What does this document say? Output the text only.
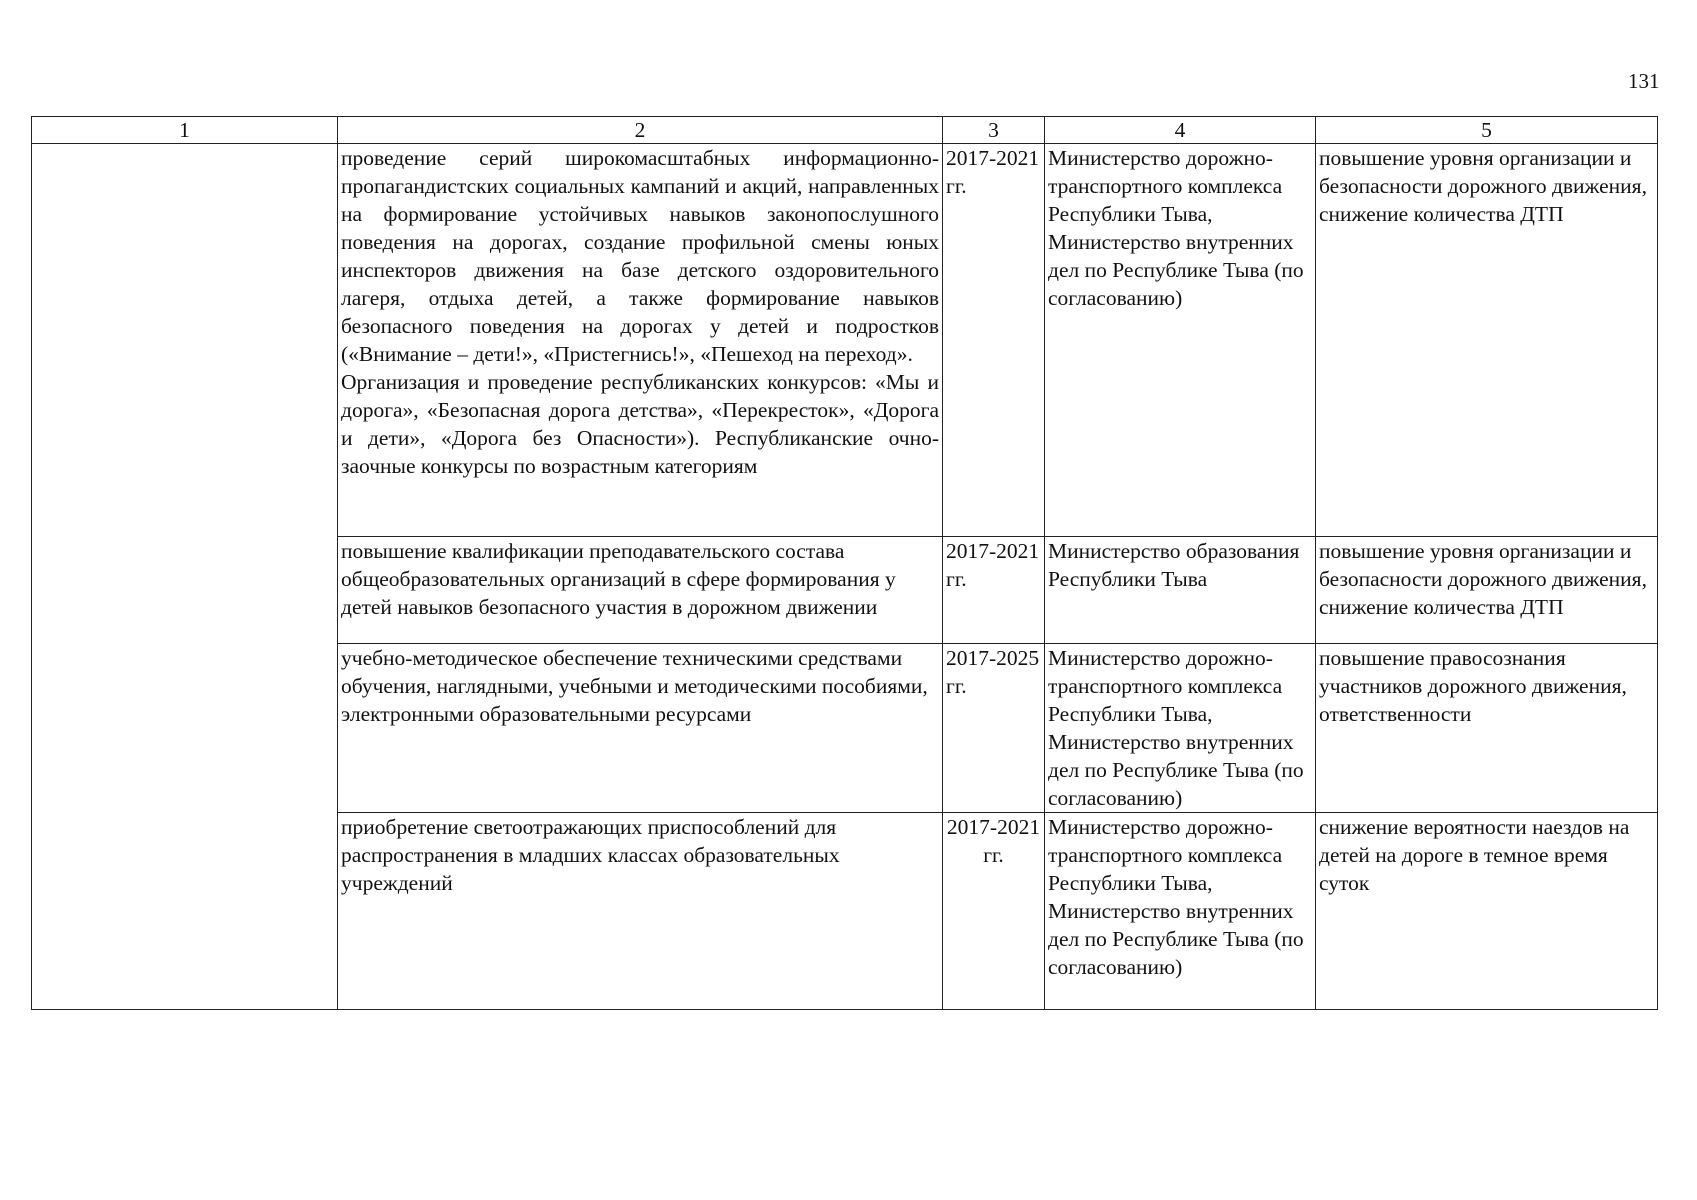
131
1	2	3	4	5

	проведение серий широкомасштабных информационно-пропагандистских социальных кампаний и акций, направленных на формирование устойчивых навыков законопослушного поведения на дорогах, создание профильной смены юных инспекторов движения на базе детского оздоровительного лагеря, отдыха детей, а также формирование навыков безопасного поведения на дорогах у детей и подростков («Внимание – дети!», «Пристегнись!», «Пешеход на переход».
Организация и проведение республиканских конкурсов: «Мы и дорога», «Безопасная дорога детства», «Перекресток», «Дорога и дети», «Дорога без Опасности»). Республиканские очно-заочные конкурсы по возрастным категориям	2017-2021 гг.	Министерство дорожно-транспортного комплекса Республики Тыва, Министерство внутренних дел по Республике Тыва (по согласованию)	повышение уровня организации и безопасности дорожного движения, снижение количества ДТП
	повышение квалификации преподавательского состава общеобразовательных организаций в сфере формирования у детей навыков безопасного участия в дорожном движении	2017-2021 гг.	Министерство образования Республики Тыва	повышение уровня организации и безопасности дорожного движения, снижение количества ДТП
	учебно-методическое обеспечение техническими средствами обучения, наглядными, учебными и методическими пособиями, электронными образовательными ресурсами	2017-2025 гг.	Министерство дорожно-транспортного комплекса Республики Тыва, Министерство внутренних дел по Республике Тыва (по согласованию)	повышение правосознания участников дорожного движения, ответственности
	приобретение светоотражающих приспособлений для распространения в младших классах образовательных учреждений	2017-2021 гг.	Министерство дорожно-транспортного комплекса Республики Тыва, Министерство внутренних дел по Республике Тыва (по согласованию)	снижение вероятности наездов на детей на дороге в темное время суток
